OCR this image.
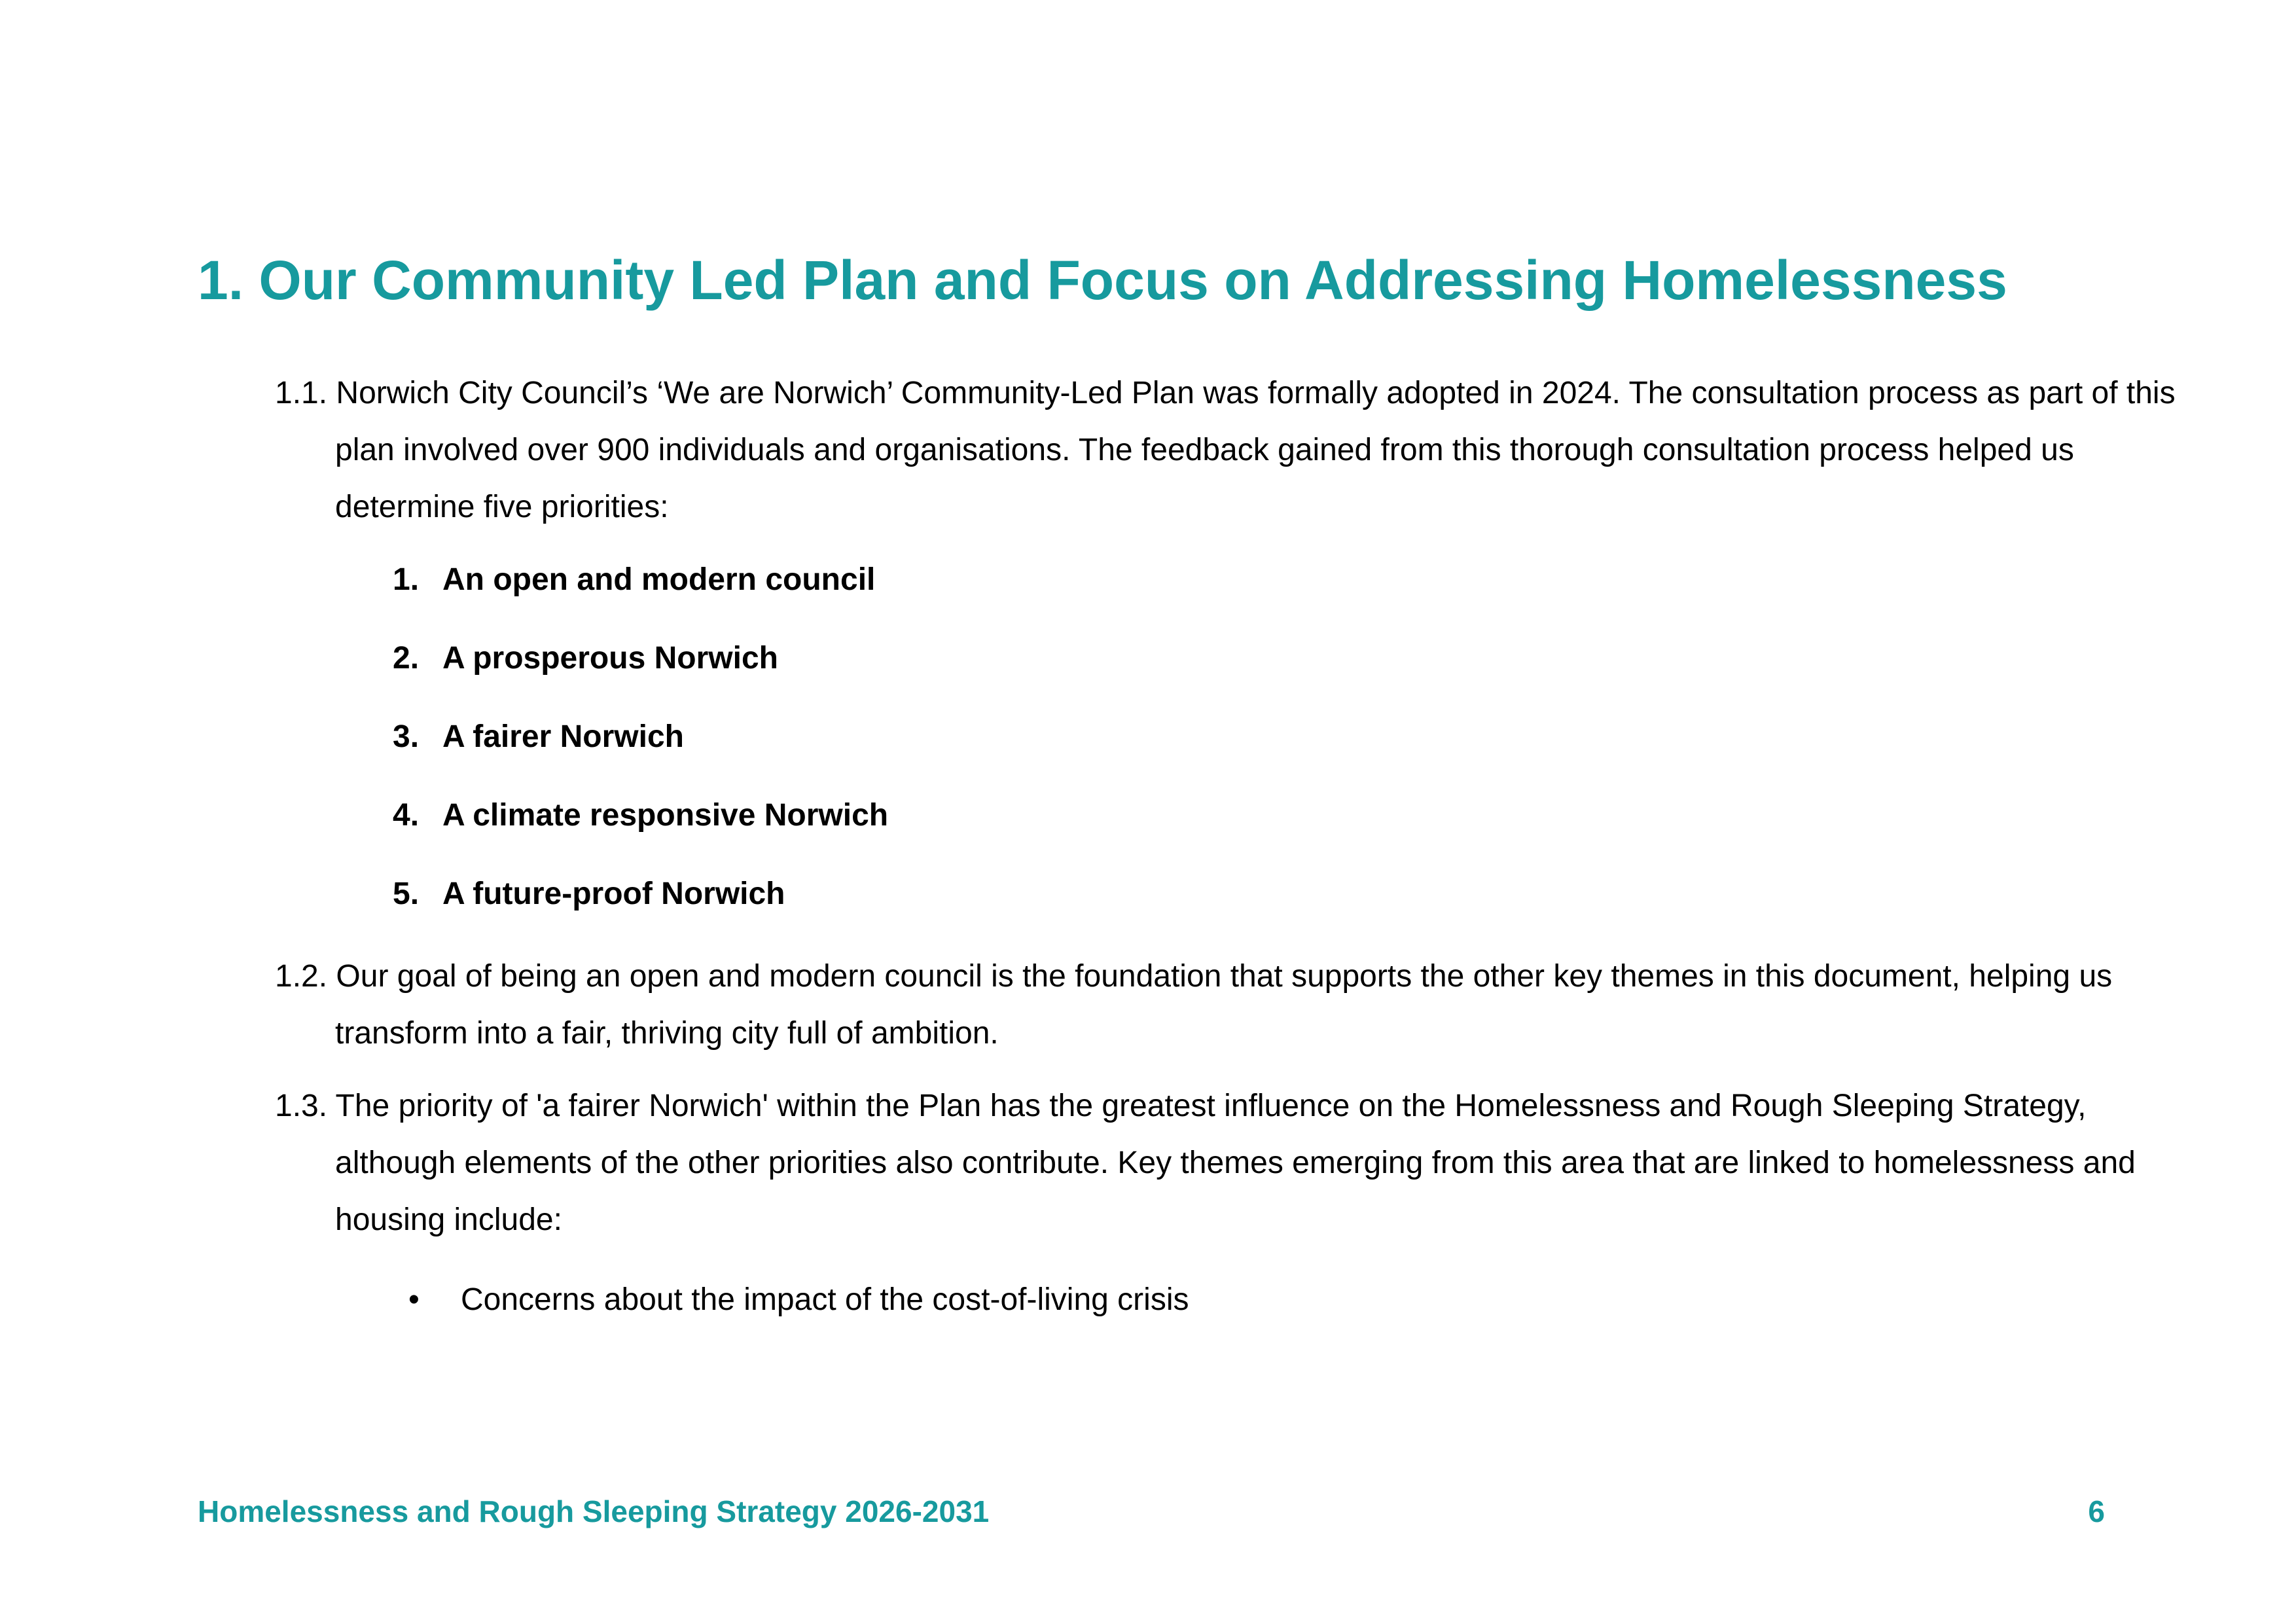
1. Our Community Led Plan and Focus on Addressing Homelessness

1.1. Norwich City Council’s ‘We are Norwich’ Community-Led Plan was formally adopted in 2024. The consultation process as part of this plan involved over 900 individuals and organisations. The feedback gained from this thorough consultation process helped us determine five priorities:

1. An open and modern council
2. A prosperous Norwich
3. A fairer Norwich
4. A climate responsive Norwich
5. A future-proof Norwich

1.2. Our goal of being an open and modern council is the foundation that supports the other key themes in this document, helping us transform into a fair, thriving city full of ambition.

1.3. The priority of 'a fairer Norwich' within the Plan has the greatest influence on the Homelessness and Rough Sleeping Strategy, although elements of the other priorities also contribute. Key themes emerging from this area that are linked to homelessness and housing include:

• Concerns about the impact of the cost-of-living crisis
Homelessness and Rough Sleeping Strategy 2026-2031	6
